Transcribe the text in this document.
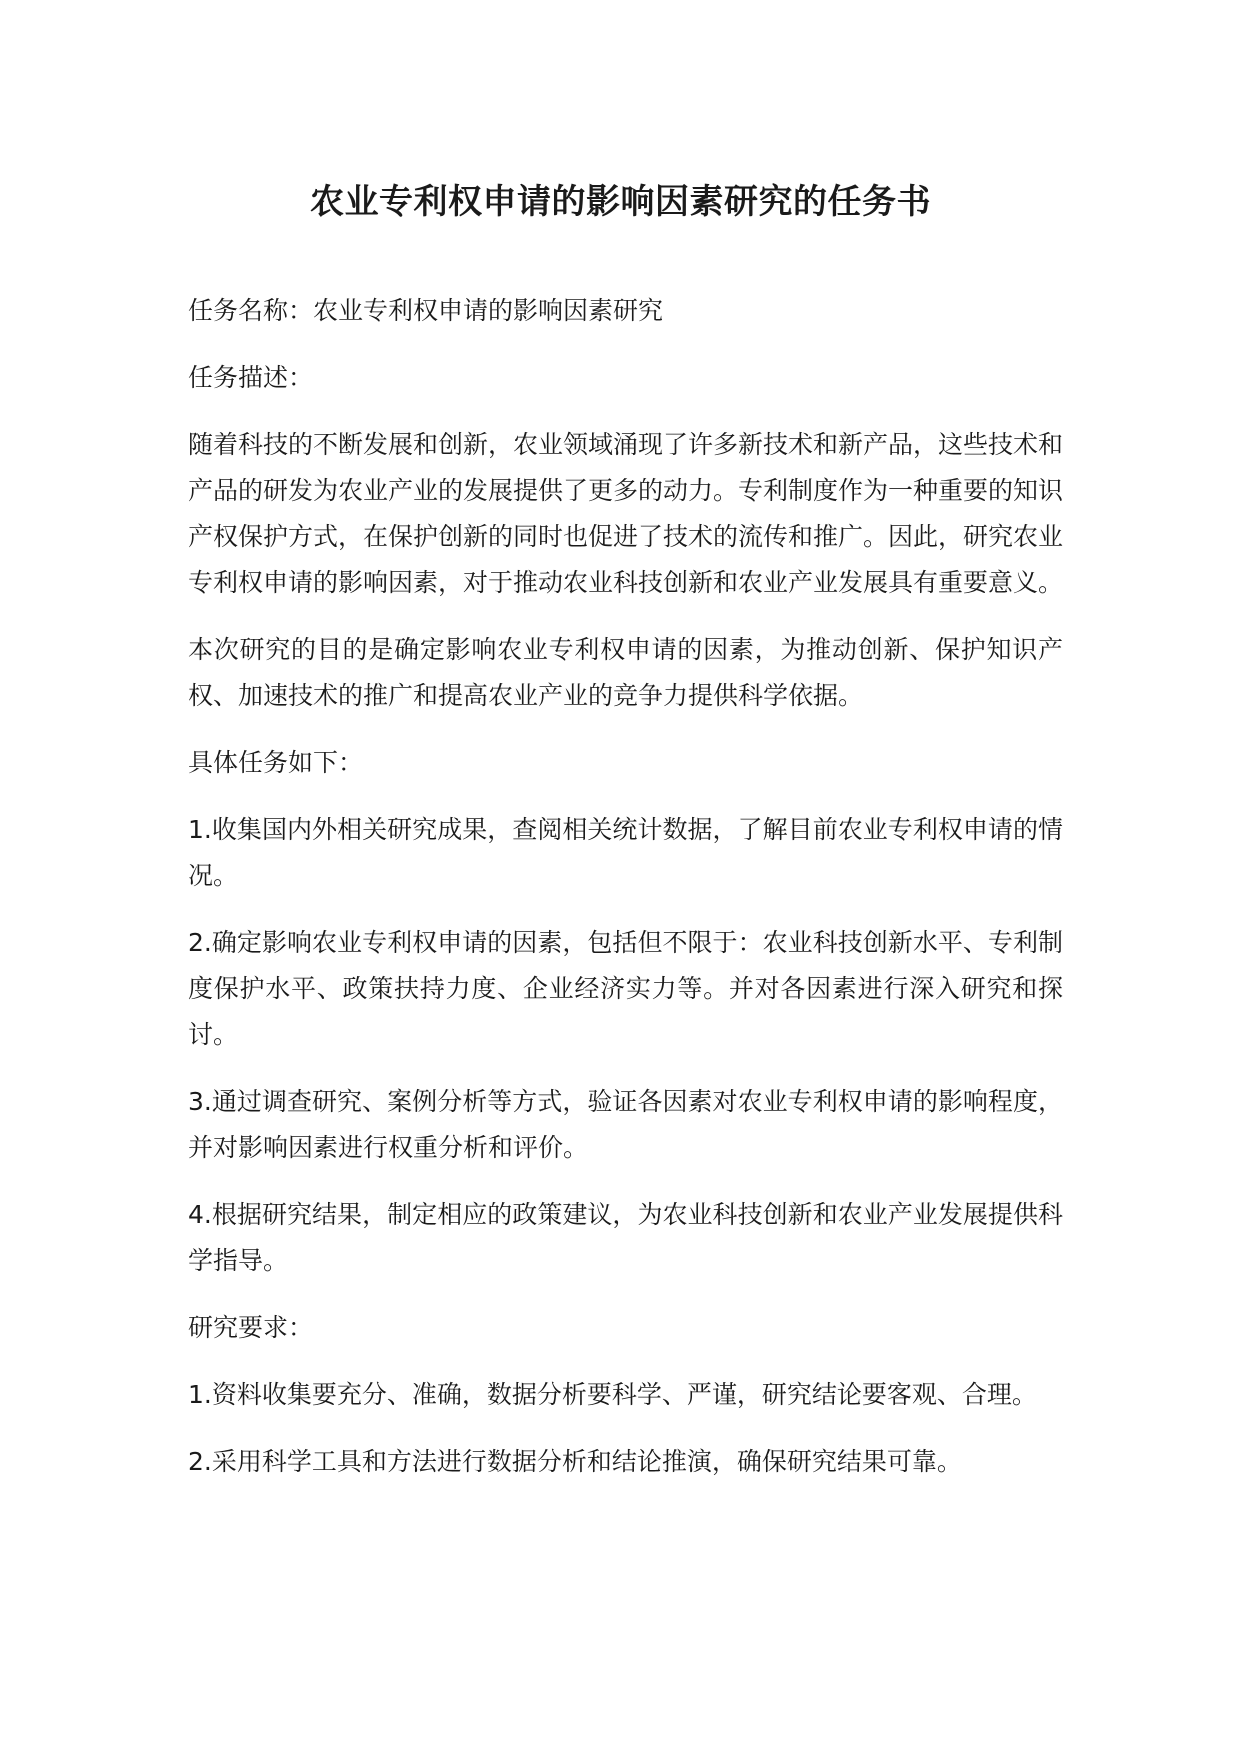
农业专利权申请的影响因素研究的任务书

任务名称：农业专利权申请的影响因素研究

任务描述：

随着科技的不断发展和创新，农业领域涌现了许多新技术和新产品，这些技术和产品的研发为农业产业的发展提供了更多的动力。专利制度作为一种重要的知识产权保护方式，在保护创新的同时也促进了技术的流传和推广。因此，研究农业专利权申请的影响因素，对于推动农业科技创新和农业产业发展具有重要意义。

本次研究的目的是确定影响农业专利权申请的因素，为推动创新、保护知识产权、加速技术的推广和提高农业产业的竞争力提供科学依据。

具体任务如下：

1.收集国内外相关研究成果，查阅相关统计数据，了解目前农业专利权申请的情况。

2.确定影响农业专利权申请的因素，包括但不限于：农业科技创新水平、专利制度保护水平、政策扶持力度、企业经济实力等。并对各因素进行深入研究和探讨。

3.通过调查研究、案例分析等方式，验证各因素对农业专利权申请的影响程度，并对影响因素进行权重分析和评价。

4.根据研究结果，制定相应的政策建议，为农业科技创新和农业产业发展提供科学指导。

研究要求：

1.资料收集要充分、准确，数据分析要科学、严谨，研究结论要客观、合理。

2.采用科学工具和方法进行数据分析和结论推演，确保研究结果可靠。
